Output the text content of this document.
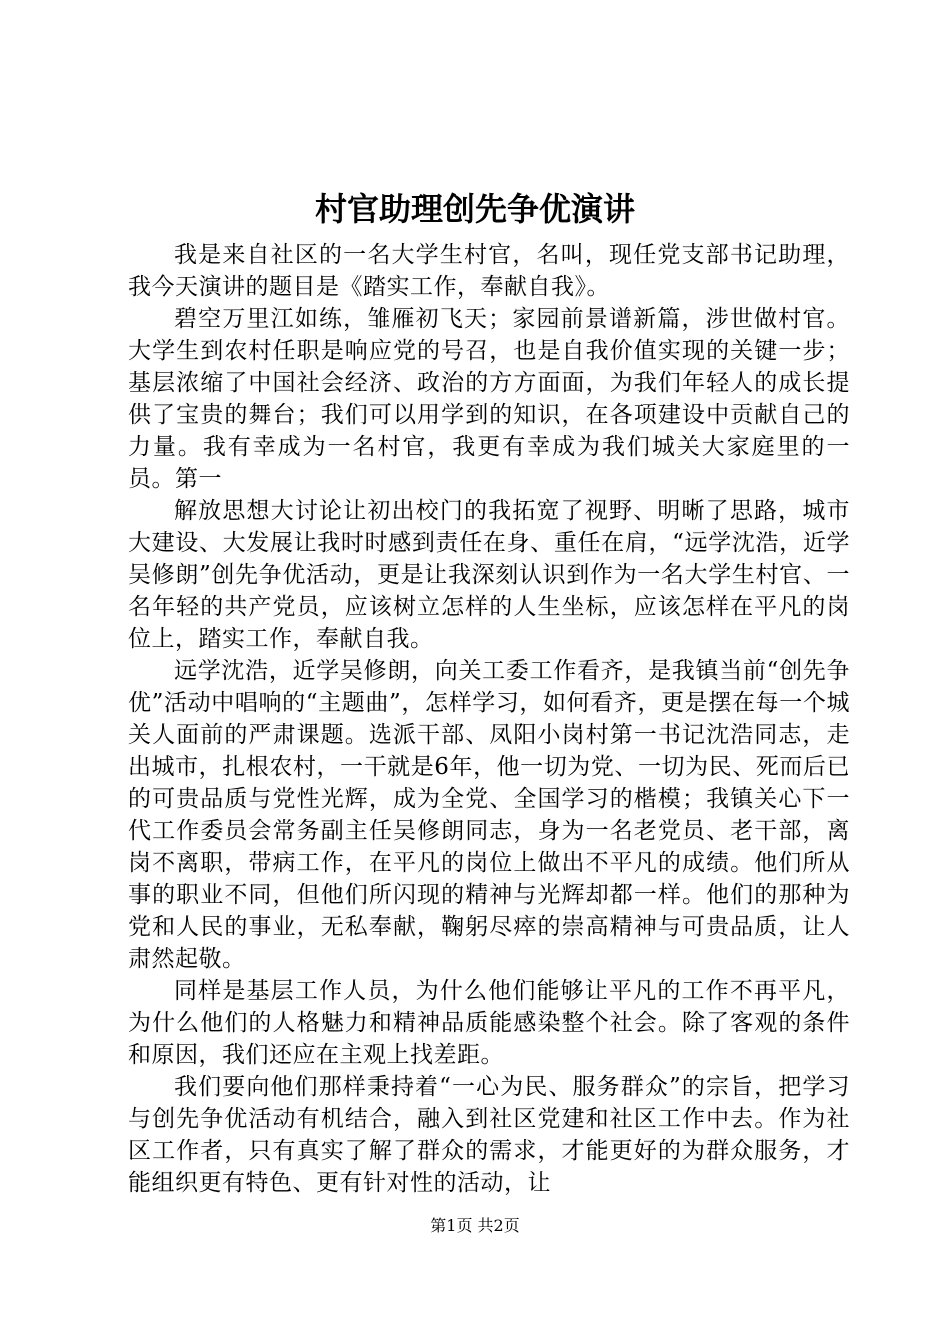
村官助理创先争优演讲

我是来自社区的一名大学生村官，名叫，现任党支部书记助理，我今天演讲的题目是《踏实工作，奉献自我》。

碧空万里江如练，雏雁初飞天；家园前景谱新篇，涉世做村官。大学生到农村任职是响应党的号召，也是自我价值实现的关键一步；基层浓缩了中国社会经济、政治的方方面面，为我们年轻人的成长提供了宝贵的舞台；我们可以用学到的知识，在各项建设中贡献自己的力量。我有幸成为一名村官，我更有幸成为我们城关大家庭里的一员。第一

解放思想大讨论让初出校门的我拓宽了视野、明晰了思路，城市大建设、大发展让我时时感到责任在身、重任在肩，“远学沈浩，近学吴修朗”创先争优活动，更是让我深刻认识到作为一名大学生村官、一名年轻的共产党员，应该树立怎样的人生坐标，应该怎样在平凡的岗位上，踏实工作，奉献自我。

远学沈浩，近学吴修朗，向关工委工作看齐，是我镇当前“创先争优”活动中唱响的“主题曲”，怎样学习，如何看齐，更是摆在每一个城关人面前的严肃课题。选派干部、凤阳小岗村第一书记沈浩同志，走出城市，扎根农村，一干就是6年，他一切为党、一切为民、死而后已的可贵品质与党性光辉，成为全党、全国学习的楷模；我镇关心下一代工作委员会常务副主任吴修朗同志，身为一名老党员、老干部，离岗不离职，带病工作，在平凡的岗位上做出不平凡的成绩。他们所从事的职业不同，但他们所闪现的精神与光辉却都一样。他们的那种为党和人民的事业，无私奉献，鞠躬尽瘁的崇高精神与可贵品质，让人肃然起敬。

同样是基层工作人员，为什么他们能够让平凡的工作不再平凡，为什么他们的人格魅力和精神品质能感染整个社会。除了客观的条件和原因，我们还应在主观上找差距。

我们要向他们那样秉持着“一心为民、服务群众”的宗旨，把学习与创先争优活动有机结合，融入到社区党建和社区工作中去。作为社区工作者，只有真实了解了群众的需求，才能更好的为群众服务，才能组织更有特色、更有针对性的活动，让

第1页 共2页
